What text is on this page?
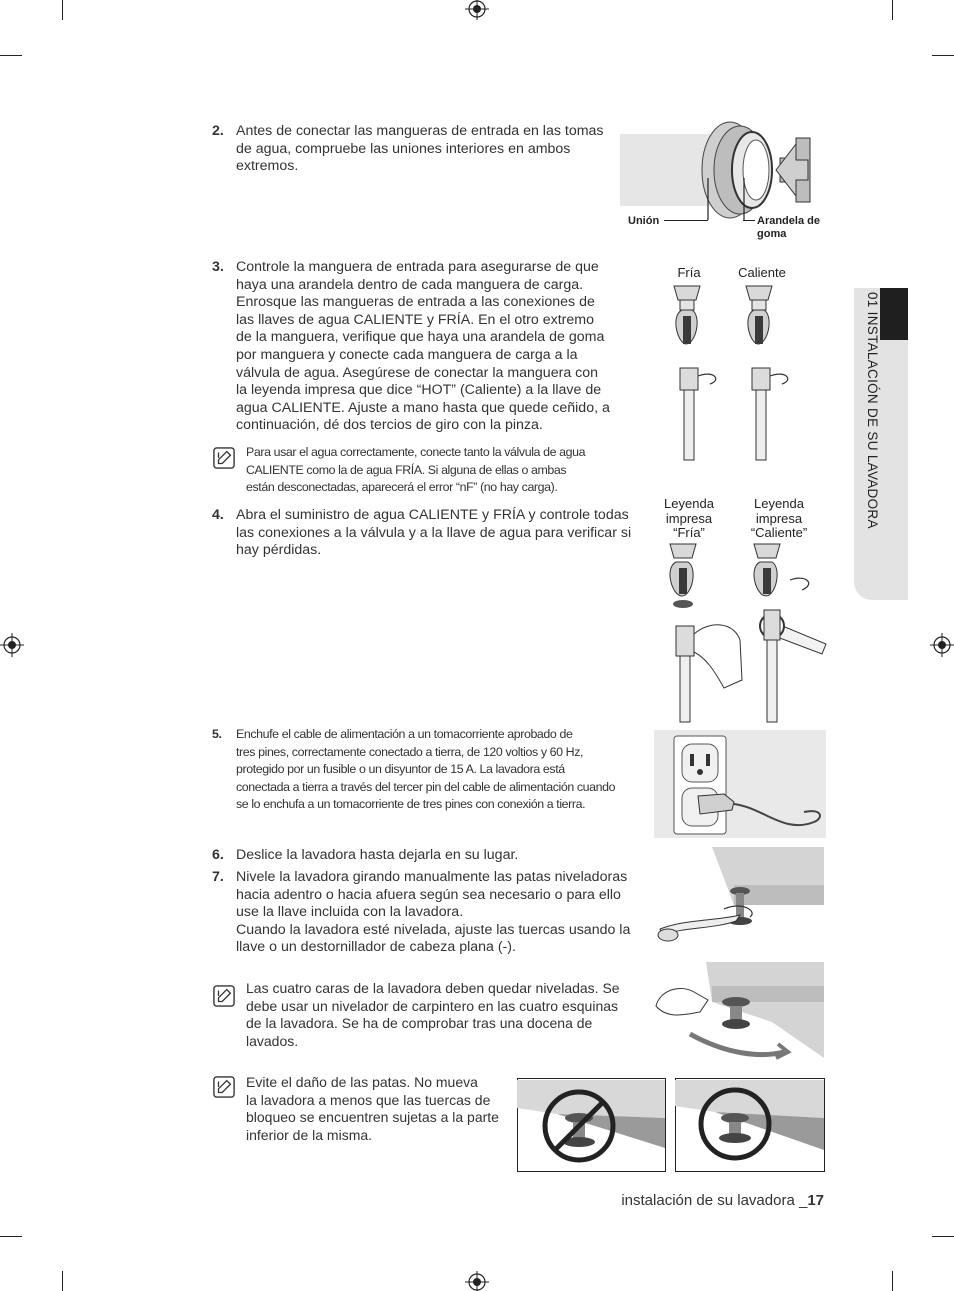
01 INSTALACIÓN DE SU LAVADORA
2. Antes de conectar las mangueras de entrada en las tomas
de agua, compruebe las uniones interiores en ambos
extremos.
Unión	Arandela de
goma
3. Controle la manguera de entrada para asegurarse de que
haya una arandela dentro de cada manguera de carga.
Enrosque las mangueras de entrada a las conexiones de
las llaves de agua CALIENTE y FRÍA. En el otro extremo
de la manguera, verifique que haya una arandela de goma
por manguera y conecte cada manguera de carga a la
válvula de agua. Asegúrese de conectar la manguera con
la leyenda impresa que dice “HOT” (Caliente) a la llave de
agua CALIENTE. Ajuste a mano hasta que quede ceñido, a
continuación, dé dos tercios de giro con la pinza.
Para usar el agua correctamente, conecte tanto la válvula de agua
CALIENTE como la de agua FRÍA. Si alguna de ellas o ambas
están desconectadas, aparecerá el error “nF” (no hay carga).
4. Abra el suministro de agua CALIENTE y FRÍA y controle todas
las conexiones a la válvula y a la llave de agua para verificar si
hay pérdidas.
Fría	Caliente
Leyenda
impresa
“Fría”
Leyenda
impresa
“Caliente”
5. Enchufe el cable de alimentación a un tomacorriente aprobado de
tres pines, correctamente conectado a tierra, de 120 voltios y 60 Hz,
protegido por un fusible o un disyuntor de 15 A. La lavadora está
conectada a tierra a través del tercer pin del cable de alimentación cuando
se lo enchufa a un tomacorriente de tres pines con conexión a tierra.
6. Deslice la lavadora hasta dejarla en su lugar.
7. Nivele la lavadora girando manualmente las patas niveladoras
hacia adentro o hacia afuera según sea necesario o para ello
use la llave incluida con la lavadora.
Cuando la lavadora esté nivelada, ajuste las tuercas usando la
llave o un destornillador de cabeza plana (-).
Las cuatro caras de la lavadora deben quedar niveladas. Se
debe usar un nivelador de carpintero en las cuatro esquinas
de la lavadora. Se ha de comprobar tras una docena de
lavados.
Evite el daño de las patas. No mueva
la lavadora a menos que las tuercas de
bloqueo se encuentren sujetas a la parte
inferior de la misma.
instalación de su lavadora _17
